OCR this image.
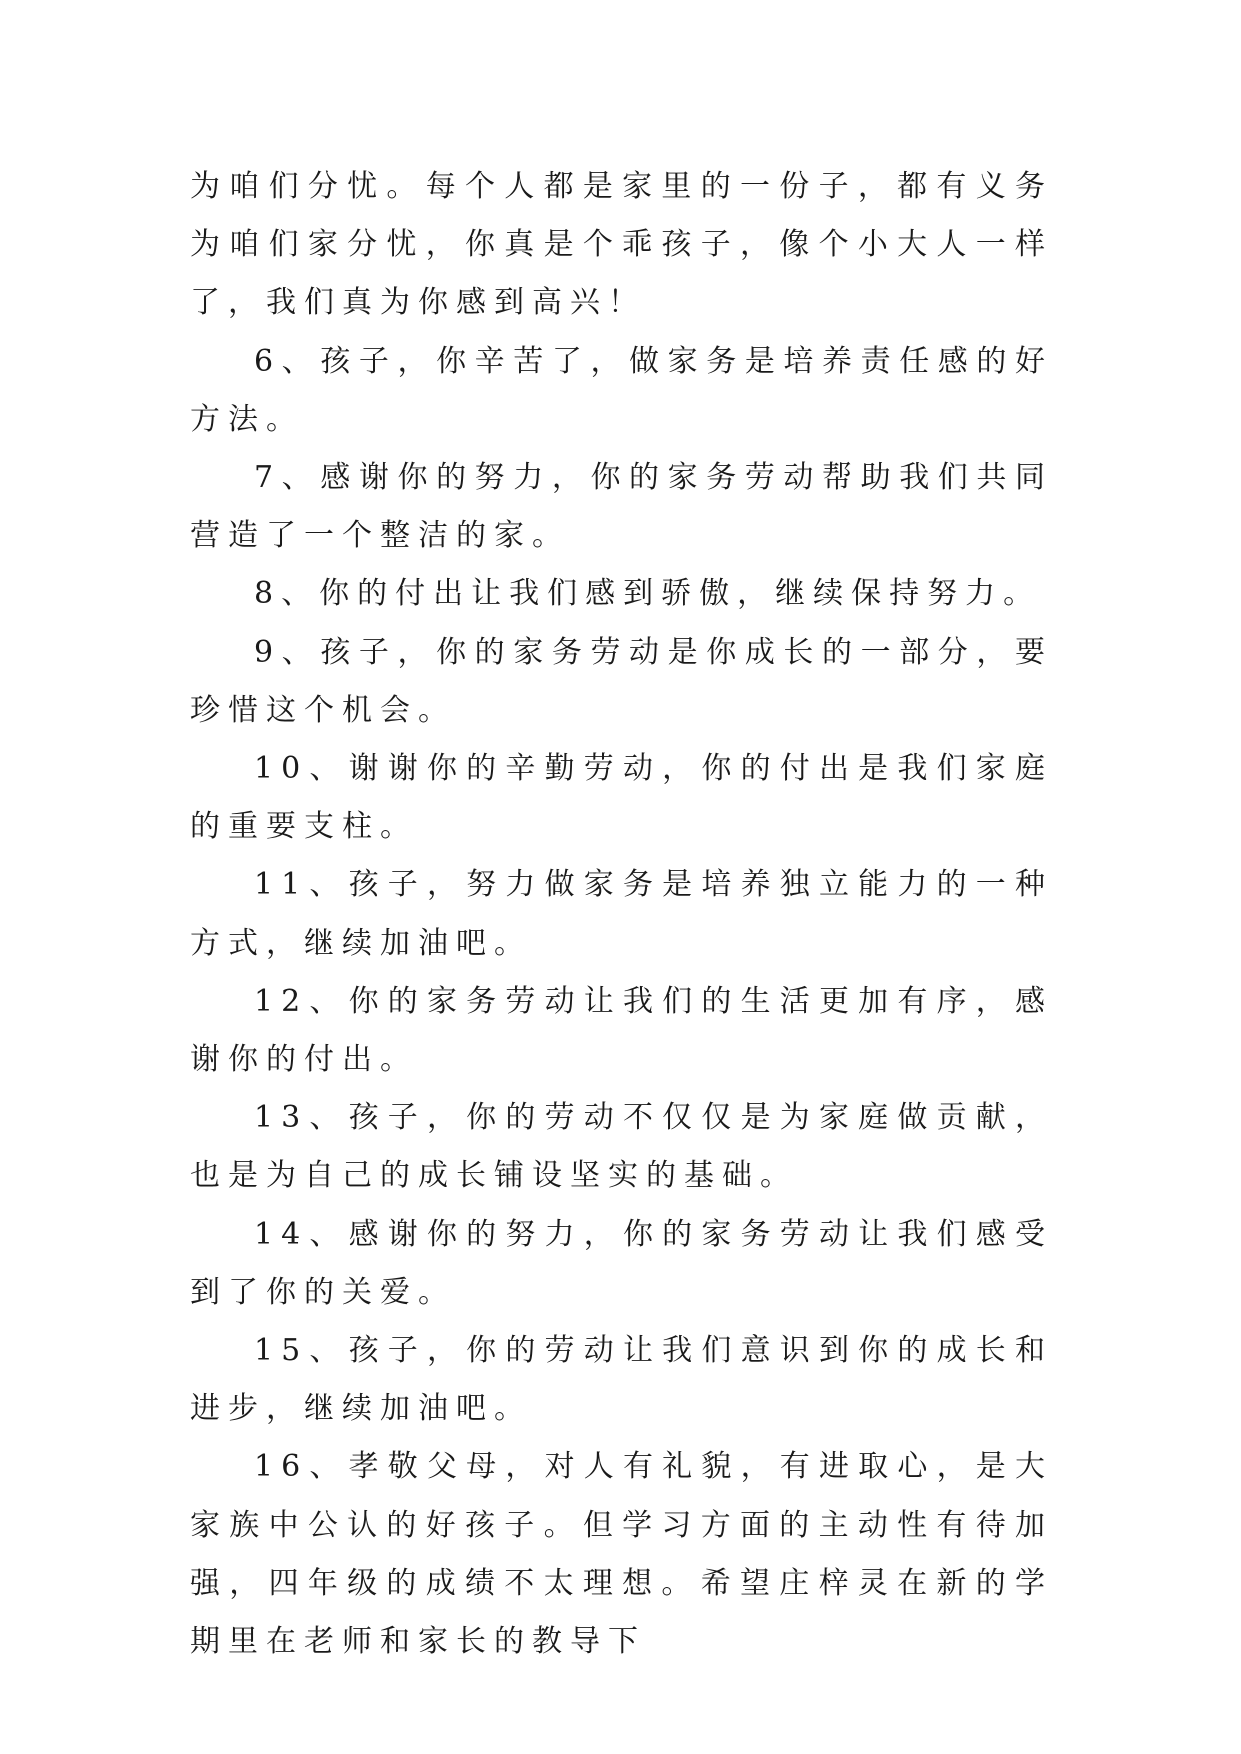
为咱们分忧。每个人都是家里的一份子，都有义务为咱们家分忧，你真是个乖孩子，像个小大人一样了，我们真为你感到高兴！

6、孩子，你辛苦了，做家务是培养责任感的好方法。

7、感谢你的努力，你的家务劳动帮助我们共同营造了一个整洁的家。

8、你的付出让我们感到骄傲，继续保持努力。

9、孩子，你的家务劳动是你成长的一部分，要珍惜这个机会。

10、谢谢你的辛勤劳动，你的付出是我们家庭的重要支柱。

11、孩子，努力做家务是培养独立能力的一种方式，继续加油吧。

12、你的家务劳动让我们的生活更加有序，感谢你的付出。

13、孩子，你的劳动不仅仅是为家庭做贡献，也是为自己的成长铺设坚实的基础。

14、感谢你的努力，你的家务劳动让我们感受到了你的关爱。

15、孩子，你的劳动让我们意识到你的成长和进步，继续加油吧。

16、孝敬父母，对人有礼貌，有进取心，是大家族中公认的好孩子。但学习方面的主动性有待加强，四年级的成绩不太理想。希望庄梓灵在新的学期里在老师和家长的教导下
